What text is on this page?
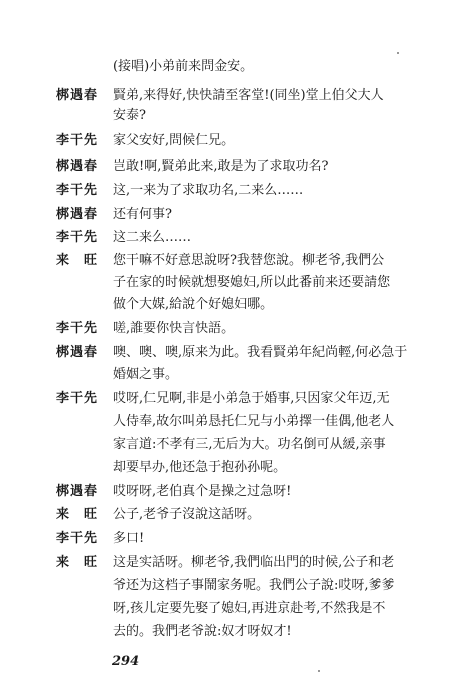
(接唱)小弟前来問金安。
梆遇春 賢弟,来得好,快快請至客堂!(同坐)堂上伯父大人
安泰?
李干先 家父安好,問候仁兄。
梆遇春 岂敢!啊,賢弟此来,敢是为了求取功名?
李干先 这,一来为了求取功名,二来么……
梆遇春 还有何事?
李干先 这二来么……
来　旺 您干嘛不好意思說呀?我替您說。柳老爷,我們公
子在家的时候就想娶媳妇,所以此番前来还要請您
做个大媒,給說个好媳妇哪。
李干先 嗟,誰要你快言快語。
梆遇春 噢、噢、噢,原来为此。我看賢弟年紀尚輕,何必急于
婚姻之事。
李干先 哎呀,仁兄啊,非是小弟急于婚事,只因家父年迈,无
人侍奉,故尔叫弟恳托仁兄与小弟擇一佳偶,他老人
家言道:不孝有三,无后为大。功名倒可从緩,亲事
却要早办,他还急于抱孙孙呢。
梆遇春 哎呀呀,老伯真个是操之过急呀!
来　旺 公子,老爷子沒說这話呀。
李干先 多口!
来　旺 这是实話呀。柳老爷,我們临出門的时候,公子和老
爷还为这档子事鬧家务呢。我們公子說:哎呀,爹爹
呀,孩儿定要先娶了媳妇,再进京赴考,不然我是不
去的。我們老爷說:奴才呀奴才!
294
